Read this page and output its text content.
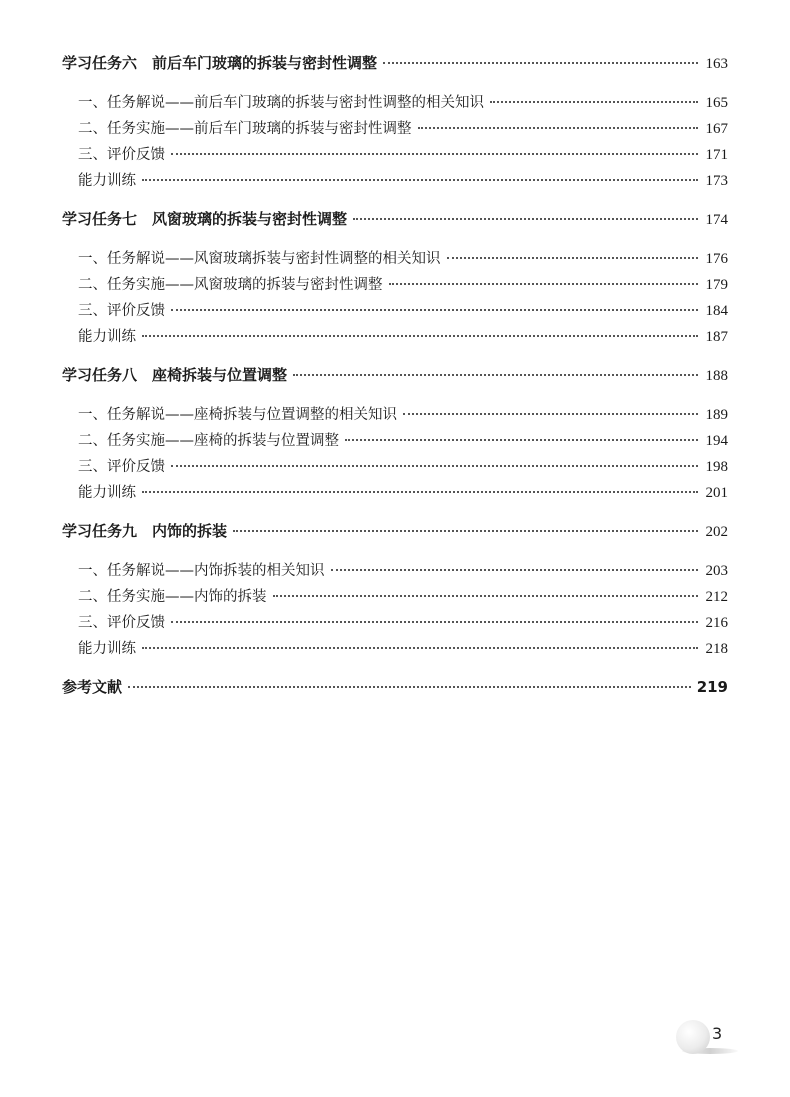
学习任务六　前后车门玻璃的拆装与密封性调整	163
一、任务解说——前后车门玻璃的拆装与密封性调整的相关知识	165
二、任务实施——前后车门玻璃的拆装与密封性调整	167
三、评价反馈	171
能力训练	173
学习任务七　风窗玻璃的拆装与密封性调整	174
一、任务解说——风窗玻璃拆装与密封性调整的相关知识	176
二、任务实施——风窗玻璃的拆装与密封性调整	179
三、评价反馈	184
能力训练	187
学习任务八　座椅拆装与位置调整	188
一、任务解说——座椅拆装与位置调整的相关知识	189
二、任务实施——座椅的拆装与位置调整	194
三、评价反馈	198
能力训练	201
学习任务九　内饰的拆装	202
一、任务解说——内饰拆装的相关知识	203
二、任务实施——内饰的拆装	212
三、评价反馈	216
能力训练	218
参考文献	219
3
